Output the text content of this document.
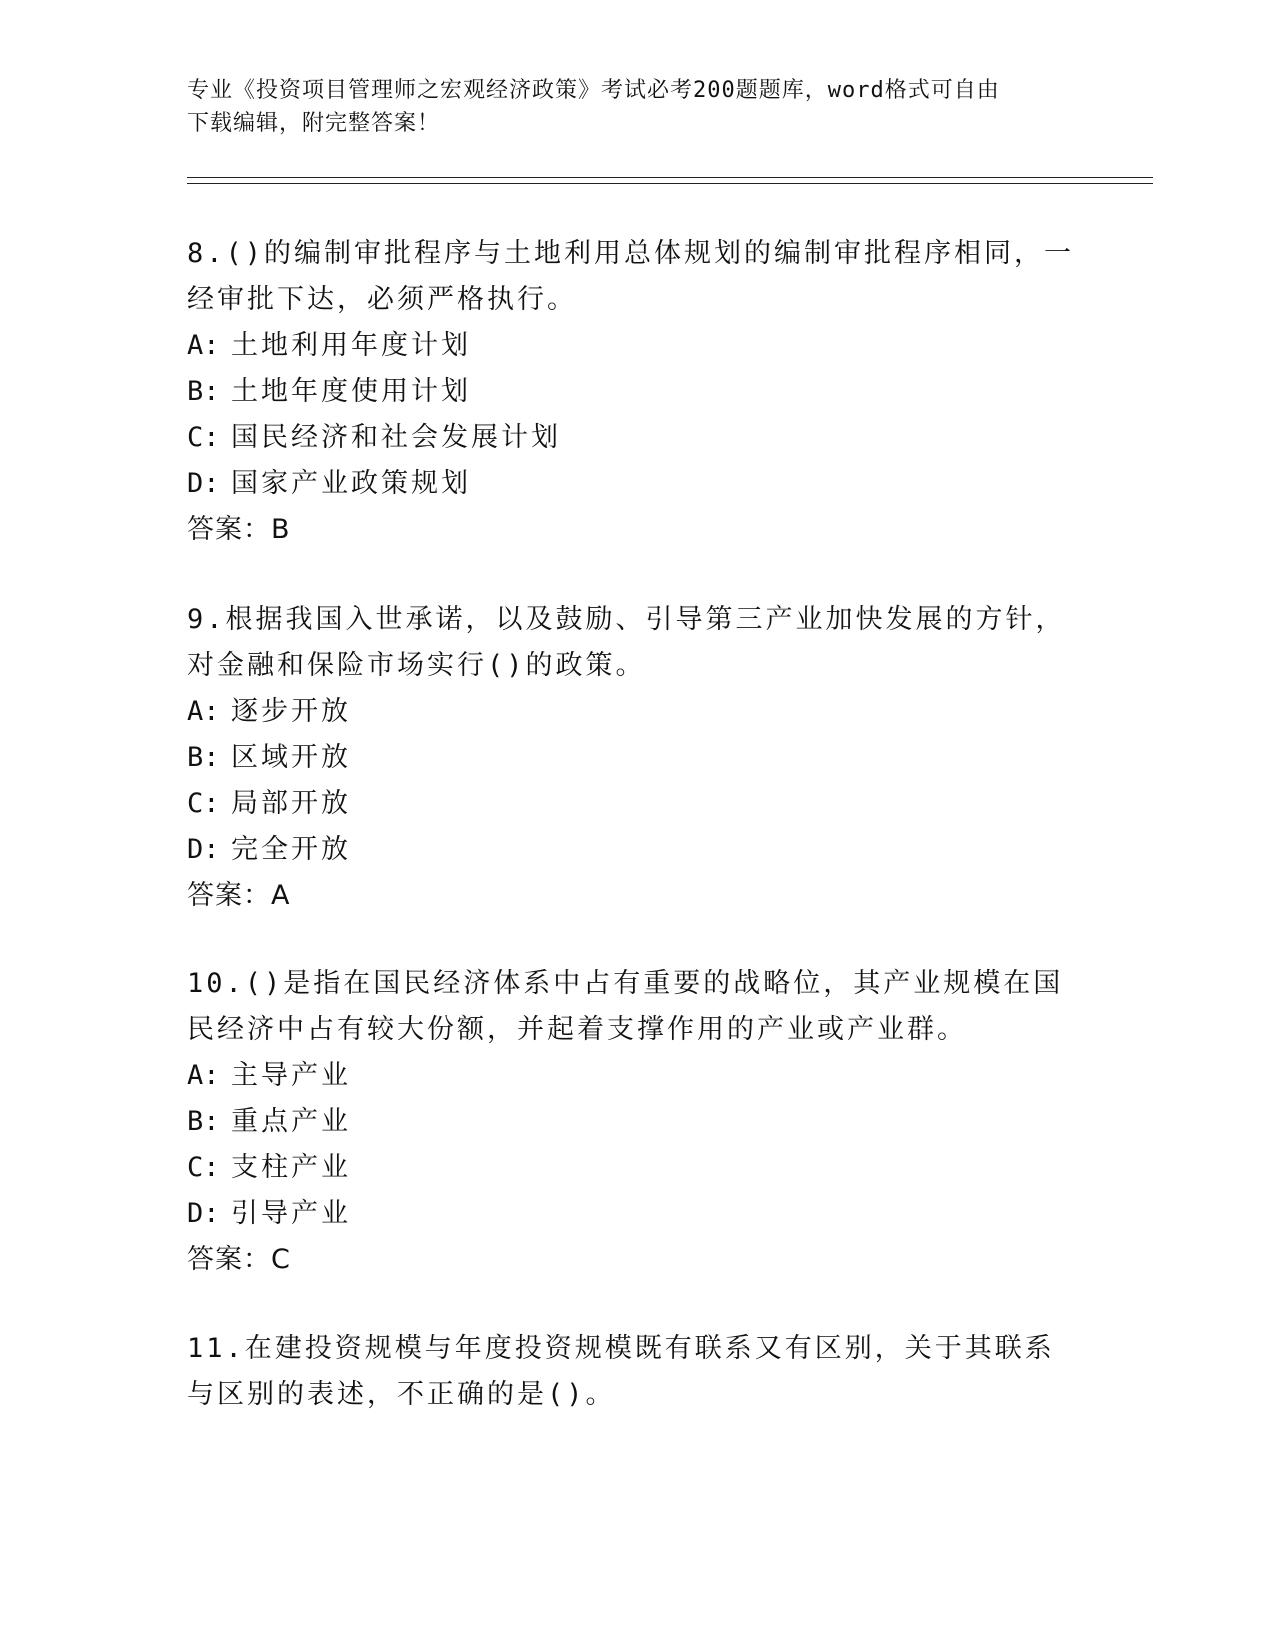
专业《投资项目管理师之宏观经济政策》考试必考200题题库，word格式可自由
下载编辑，附完整答案！
8.()的编制审批程序与土地利用总体规划的编制审批程序相同，一经审批下达，必须严格执行。
A: 土地利用年度计划
B: 土地年度使用计划
C: 国民经济和社会发展计划
D: 国家产业政策规划
答案：B
9.根据我国入世承诺，以及鼓励、引导第三产业加快发展的方针，对金融和保险市场实行()的政策。
A: 逐步开放
B: 区域开放
C: 局部开放
D: 完全开放
答案：A
10.()是指在国民经济体系中占有重要的战略位，其产业规模在国民经济中占有较大份额，并起着支撑作用的产业或产业群。
A: 主导产业
B: 重点产业
C: 支柱产业
D: 引导产业
答案：C
11.在建投资规模与年度投资规模既有联系又有区别，关于其联系与区别的表述，不正确的是()。
